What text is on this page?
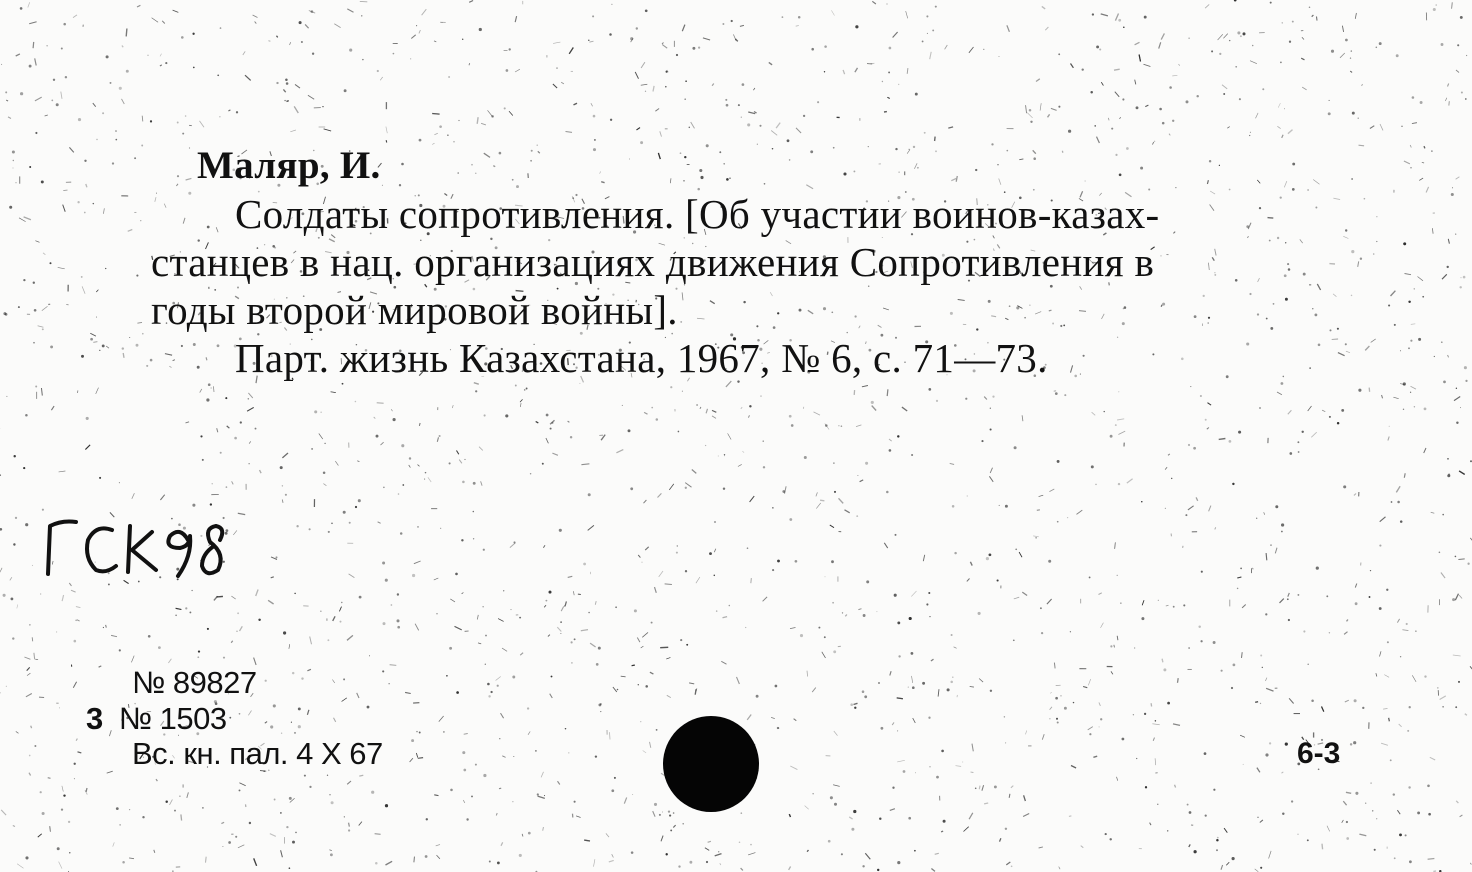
Маляр, И.
Солдаты сопротивления. [Об участии воинов-казах-
станцев в нац. организациях движения Сопротивления в
годы второй мировой войны].
Парт. жизнь Казахстана, 1967, № 6, с. 71—73.
№ 89827
3 № 1503
Вс. кн. пал. 4 X 67	6-3
